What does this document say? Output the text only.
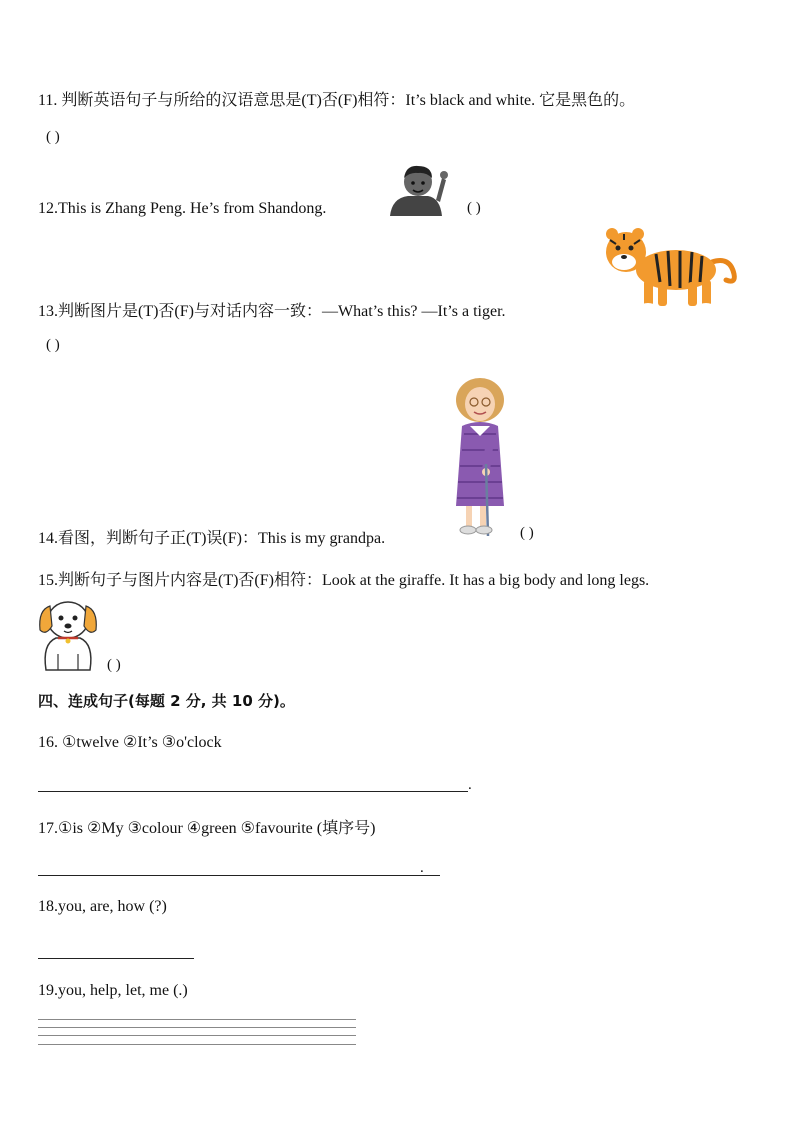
11. 判断英语句子与所给的汉语意思是(T)否(F)相符：It’s black and white. 它是黑色的。
( )
12.This is Zhang Peng. He’s from Shandong.	( )
13.判断图片是(T)否(F)与对话内容一致：—What’s this? —It’s a tiger.
( )
14.看图，判断句子正(T)误(F)：This is my grandpa.	( )
15.判断句子与图片内容是(T)否(F)相符：Look at the giraffe. It has a big body and long legs.
( )
四、连成句子(每题 2 分, 共 10 分)。
16. ①twelve ②It’s ③o'clock
.
17.①is ②My ③colour ④green ⑤favourite (填序号)
.
18.you, are, how (?)
19.you, help, let, me (.)
